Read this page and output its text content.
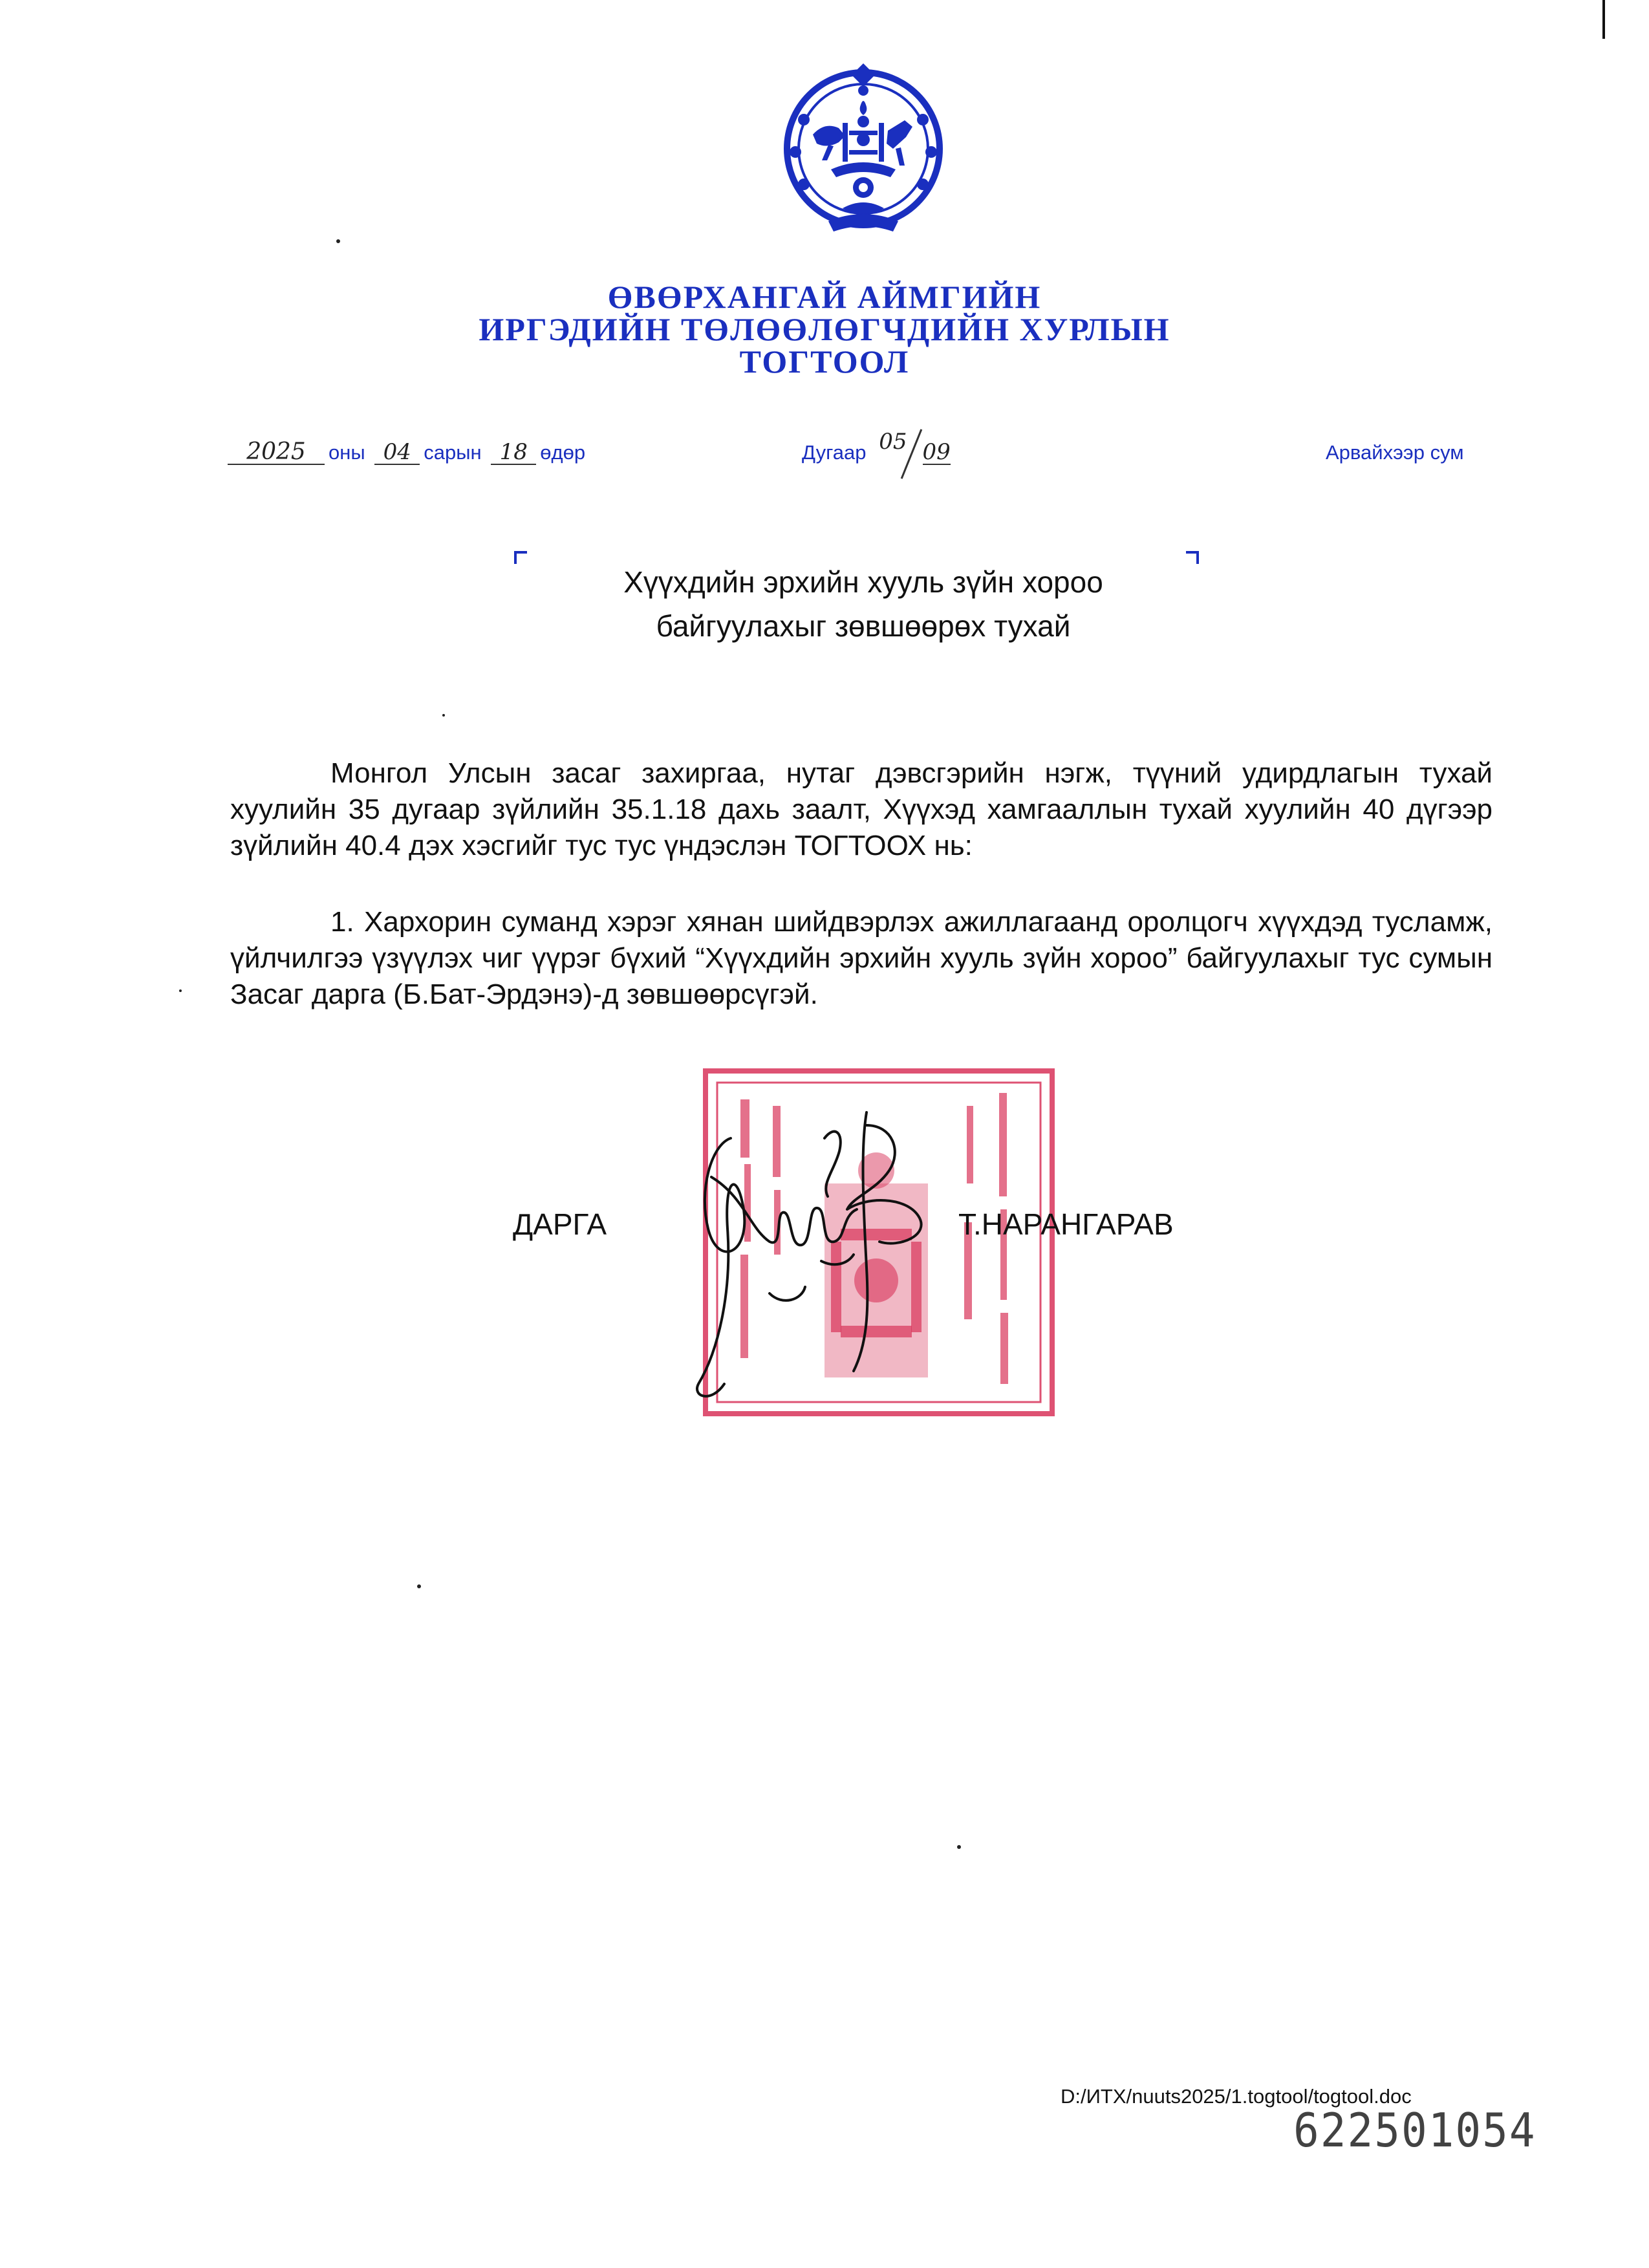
ӨВӨРХАНГАЙ АЙМГИЙН
ИРГЭДИЙН ТӨЛӨӨЛӨГЧДИЙН ХУРЛЫН
ТОГТООЛ
2025 оны 04 сарын 18 өдөр	Дугаар 05 09	Арвайхээр сум
Хүүхдийн эрхийн хууль зүйн хороо
байгуулахыг зөвшөөрөх тухай
Монгол Улсын засаг захиргаа, нутаг дэвсгэрийн нэгж, түүний удирдлагын тухай хуулийн 35 дугаар зүйлийн 35.1.18 дахь заалт, Хүүхэд хамгааллын тухай хуулийн 40 дүгээр зүйлийн 40.4 дэх хэсгийг тус тус үндэслэн ТОГТООХ нь:
1. Хархорин суманд хэрэг хянан шийдвэрлэх ажиллагаанд оролцогч хүүхдэд тусламж, үйлчилгээ үзүүлэх чиг үүрэг бүхий “Хүүхдийн эрхийн хууль зүйн хороо” байгуулахыг тус сумын Засаг дарга (Б.Бат-Эрдэнэ)-д зөвшөөрсүгэй.
ДАРГА	Т.НАРАНГАРАВ
D:/ИТХ/nuuts2025/1.togtool/togtool.doc
622501054
